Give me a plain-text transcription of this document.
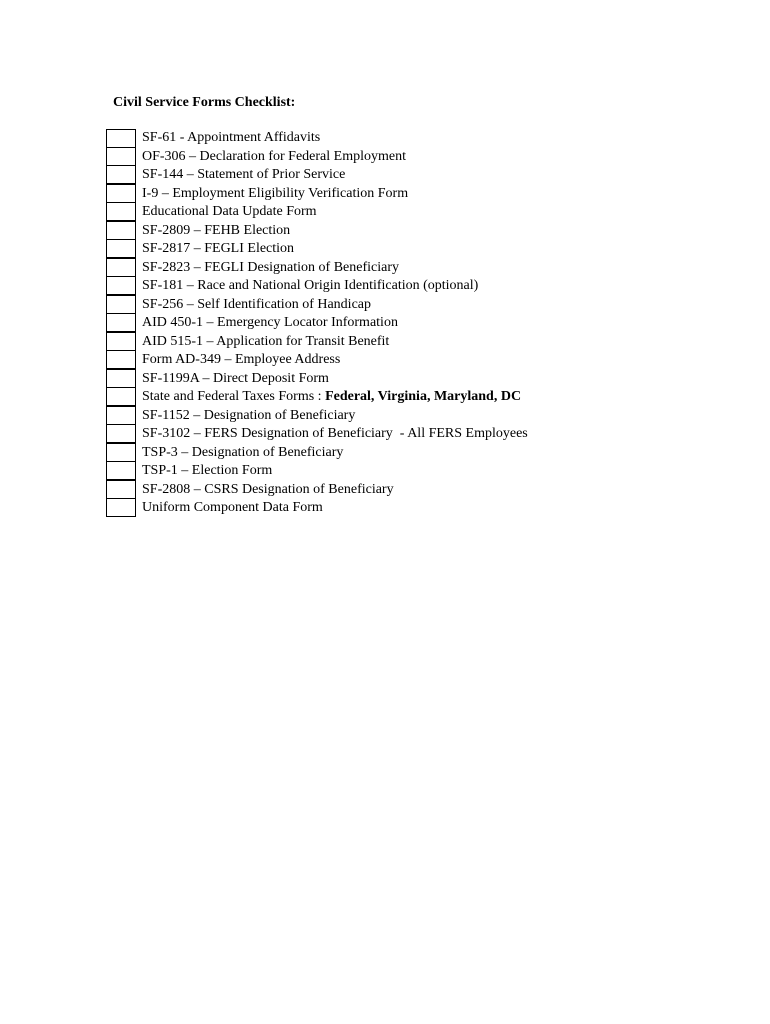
Civil Service Forms Checklist:
SF-61 - Appointment Affidavits
OF-306 – Declaration for Federal Employment
SF-144 – Statement of Prior Service
I-9 – Employment Eligibility Verification Form
Educational Data Update Form
SF-2809 – FEHB Election
SF-2817 – FEGLI Election
SF-2823 – FEGLI Designation of Beneficiary
SF-181 – Race and National Origin Identification (optional)
SF-256 – Self Identification of Handicap
AID 450-1 – Emergency Locator Information
AID 515-1 – Application for Transit Benefit
Form AD-349 – Employee Address
SF-1199A – Direct Deposit Form
State and Federal Taxes Forms : Federal, Virginia, Maryland, DC
SF-1152 – Designation of Beneficiary
SF-3102 – FERS Designation of Beneficiary  - All FERS Employees
TSP-3 – Designation of Beneficiary
TSP-1 – Election Form
SF-2808 – CSRS Designation of Beneficiary
Uniform Component Data Form
